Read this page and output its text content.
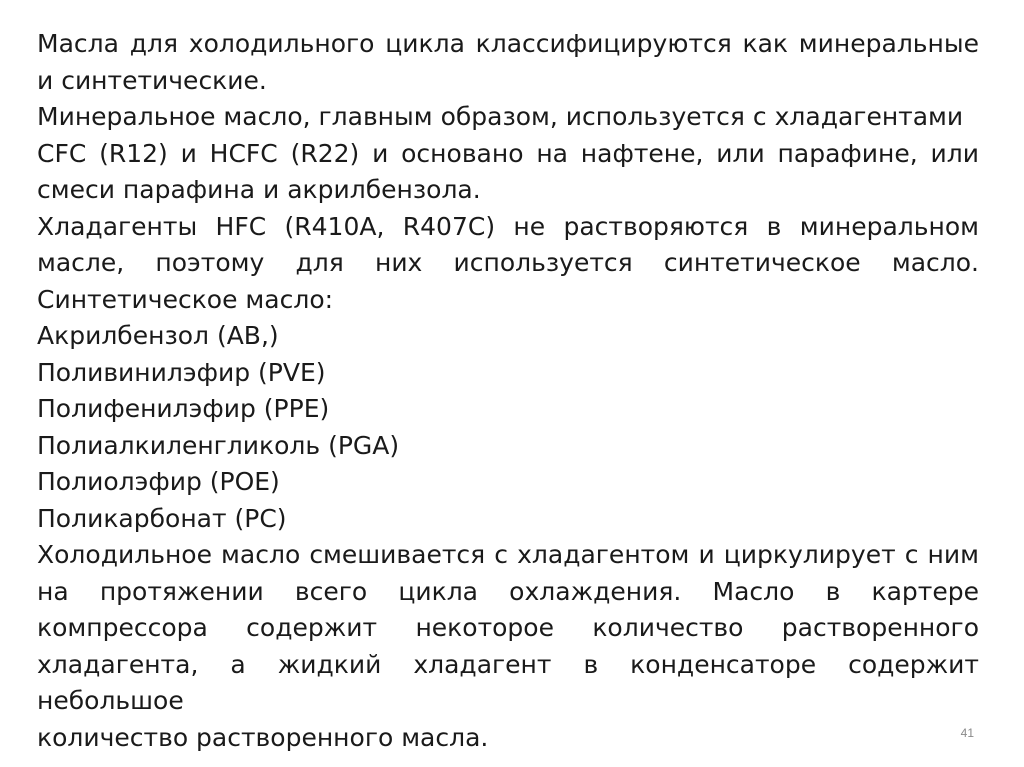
Масла для холодильного цикла классифицируются как минеральные
и синтетические.
Минеральное масло, главным образом, используется с хладагентами
CFC (R12) и HCFC (R22) и основано на нафтене, или парафине, или
смеси парафина и акрилбензола.
Хладагенты HFC (R410A, R407C) не растворяются в минеральном
масле, поэтому для них используется синтетическое масло.
Синтетическое масло:
Акрилбензол (AB,)
Поливинилэфир (PVE)
Полифенилэфир (PPE)
Полиалкиленгликоль (PGA)
Полиолэфир (POE)
Поликарбонат (PC)
Холодильное масло смешивается с хладагентом и циркулирует с ним
на протяжении всего цикла охлаждения. Масло в картере
компрессора содержит некоторое количество растворенного
хладагента, а жидкий хладагент в конденсаторе содержит небольшое
количество растворенного масла.	41
